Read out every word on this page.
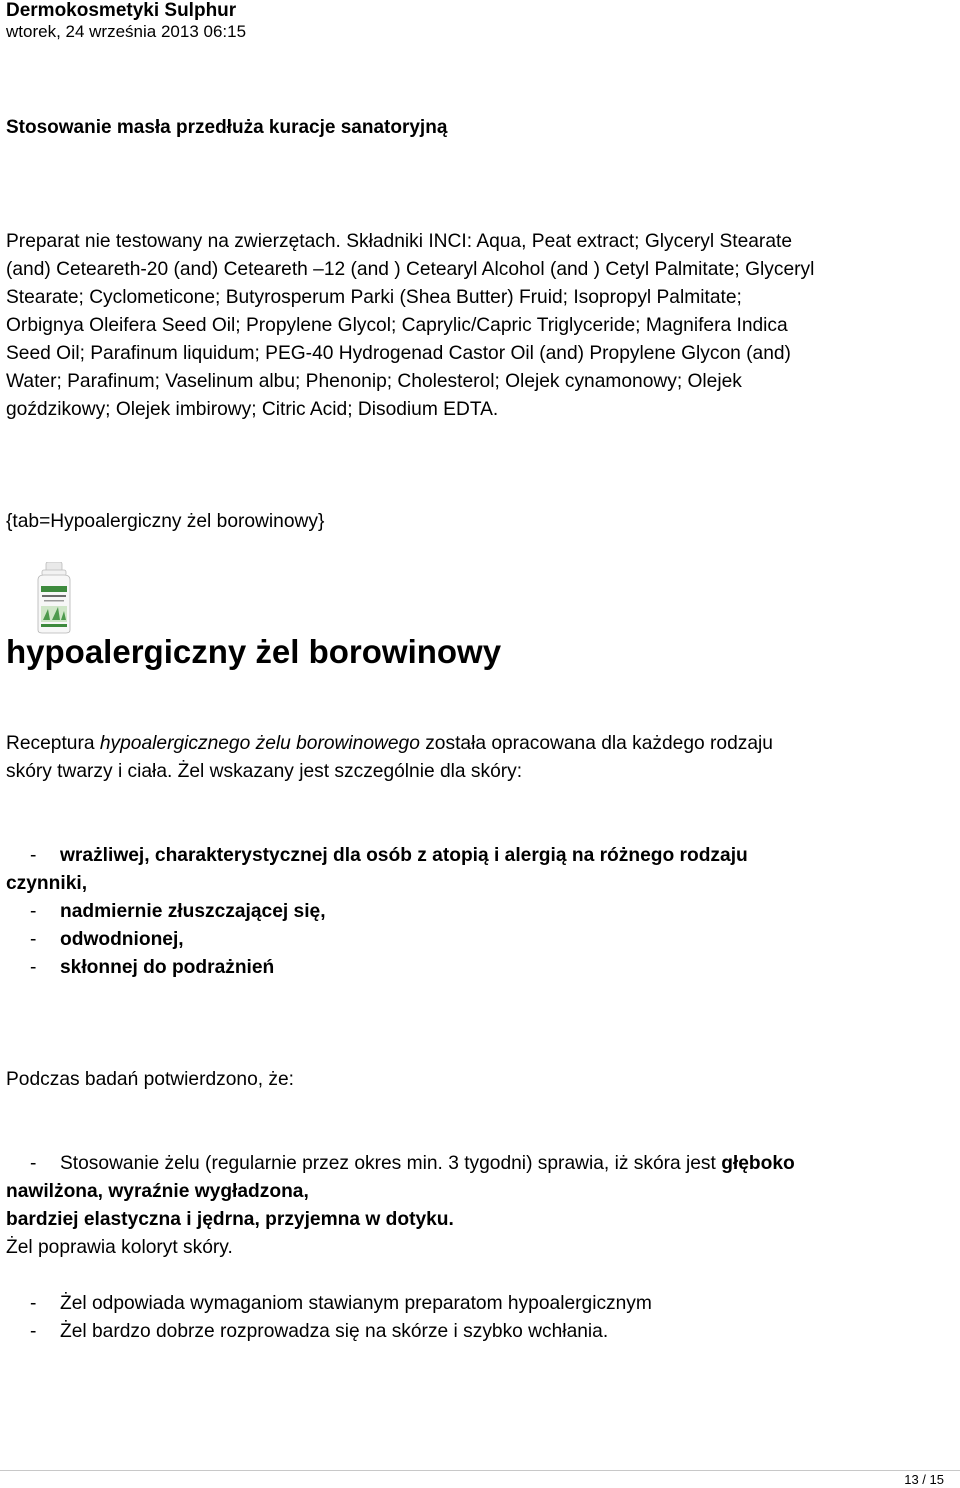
Dermokosmetyki Sulphur
wtorek, 24 września 2013 06:15
Stosowanie masła przedłuża kuracje sanatoryjną
Preparat nie testowany na zwierzętach. Składniki INCI: Aqua, Peat extract; Glyceryl Stearate
(and) Ceteareth-20 (and) Ceteareth –12 (and ) Cetearyl Alcohol (and ) Cetyl Palmitate; Glyceryl
Stearate; Cyclometicone; Butyrosperum Parki (Shea Butter) Fruid; Isopropyl Palmitate;
Orbignya Oleifera Seed Oil; Propylene Glycol; Caprylic/Capric Triglyceride; Magnifera Indica
Seed Oil; Parafinum liquidum; PEG-40 Hydrogenad Castor Oil (and) Propylene Glycon (and)
Water; Parafinum; Vaselinum albu; Phenonip; Cholesterol; Olejek cynamonowy; Olejek
goździkowy; Olejek imbirowy; Citric Acid; Disodium EDTA.
{tab=Hypoalergiczny żel borowinowy}
hypoalergiczny żel borowinowy
Receptura hypoalergicznego żelu borowinowego została opracowana dla każdego rodzaju
skóry twarzy i ciała. Żel wskazany jest szczególnie dla skóry:
- wrażliwej, charakterystycznej dla osób z atopią i alergią na różnego rodzaju
czynniki,
- nadmiernie złuszczającej się,
- odwodnionej,
- skłonnej do podrażnień
Podczas badań potwierdzono, że:
- Stosowanie żelu (regularnie przez okres min. 3 tygodni) sprawia, iż skóra jest głęboko
nawilżona, wyraźnie wygładzona,
bardziej elastyczna i jędrna, przyjemna w dotyku.
Żel poprawia koloryt skóry.
- Żel odpowiada wymaganiom stawianym preparatom hypoalergicznym
- Żel bardzo dobrze rozprowadza się na skórze i szybko wchłania.
13 / 15
